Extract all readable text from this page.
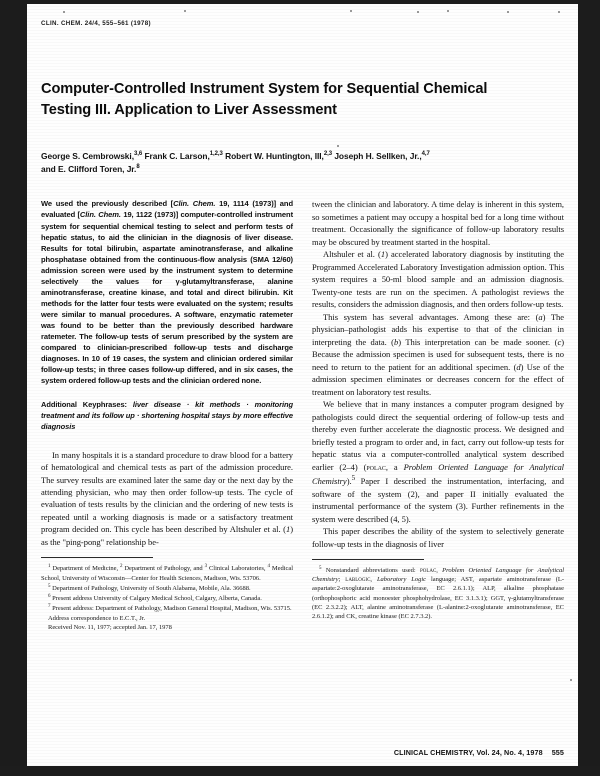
CLIN. CHEM. 24/4, 555–561 (1978)
Computer-Controlled Instrument System for Sequential Chemical Testing III. Application to Liver Assessment
George S. Cembrowski,$^{3,6}$ Frank C. Larson,$^{1,2,3}$ Robert W. Huntington, III,$^{2,3}$ Joseph H. Sellken, Jr.,$^{4,7}$
and E. Clifford Toren, Jr.$^8$
We used the previously described [Clin. Chem. 19, 1114 (1973)] and evaluated [Clin. Chem. 19, 1122 (1973)] computer-controlled instrument system for sequential chemical testing to select and perform tests of hepatic status, to aid the clinician in the diagnosis of liver disease. Results for total bilirubin, aspartate aminotransferase, and alkaline phosphatase obtained from the continuous-flow analysis (SMA 12/60) admission screen were used by the instrument system to determine selectively the values for γ-glutamyltransferase, alanine aminotransferase, creatine kinase, and total and direct bilirubin. Kit methods for the latter four tests were evaluated on the system; results were similar to manual procedures. A software, enzymatic ratemeter was found to be better than the previously described hardware ratemeter. The follow-up tests of serum prescribed by the system are compared to clinician-prescribed follow-up tests and discharge diagnoses. In 10 of 19 cases, the system and clinician ordered similar follow-up tests; in three cases follow-up differed, and in six cases, the system ordered follow-up tests and the clinician ordered none.
Additional Keyphrases: liver disease · kit methods · monitoring treatment and its follow up · shortening hospital stays by more effective diagnosis

In many hospitals it is a standard procedure to draw blood for a battery of hematological and chemical tests as part of the admission procedure. The survey results are examined later the same day or the next day by the attending physician, who may then order follow-up tests. The cycle of evaluation of tests results by the clinician and the ordering of new tests is repeated until a working diagnosis is made or a satisfactory treatment program decided on. This cycle has been described by Altshuler et al. (1) as the "ping-pong" relationship be-

$^1$ Department of Medicine, $^2$ Department of Pathology, and $^3$ Clinical Laboratories, $^4$ Medical School, University of Wisconsin—Center for Health Sciences, Madison, Wis. 53706.

$^5$ Department of Pathology, University of South Alabama, Mobile, Ala. 36688.

$^6$ Present address University of Calgary Medical School, Calgary, Alberta, Canada.

$^7$ Present address: Department of Pathology, Madison General Hospital, Madison, Wis. 53715.

Address correspondence to E.C.T., Jr.

Received Nov. 11, 1977; accepted Jan. 17, 1978

tween the clinician and laboratory. A time delay is inherent in this system, so sometimes a patient may occupy a hospital bed for a long time without treatment. Occasionally the significance of follow-up laboratory results may be obscured by treatment started in the hospital.

Altshuler et al. (1) accelerated laboratory diagnosis by instituting the Programmed Accelerated Laboratory Investigation admission option. This system requires a 50-ml blood sample and an admission diagnosis. Twenty-one tests are run on the specimen. A pathologist reviews the results, considers the admission diagnosis, and then orders follow-up tests.

This system has several advantages. Among these are: (a) The physician–pathologist adds his expertise to that of the clinician in interpreting the data. (b) This interpretation can be made sooner. (c) Because the admission specimen is used for subsequent tests, there is no need to return to the patient for an additional specimen. (d) Use of the admission specimen eliminates or decreases concern for the effect of treatment on laboratory test results.

We believe that in many instances a computer program designed by pathologists could direct the sequential ordering of follow-up tests and thereby even further accelerate the diagnostic process. We designed and briefly tested a program to order and, in fact, carry out follow-up tests for hepatic status via a computer-controlled analytical system described earlier (2–4) (polac, a Problem Oriented Language for Analytical Chemistry).$^5$ Paper I described the instrumentation, interfacing, and software of the system (2), and paper II initially evaluated the instrumental performance of the system (3). Further refinements in the system were described (4, 5).

This paper describes the ability of the system to selectively generate follow-up tests in the diagnosis of liver

$^5$ Nonstandard abbreviations used: polac, Problem Oriented Language for Analytical Chemistry; lablogic, Laboratory Logic language; AST, aspartate aminotransferase (L-aspartate:2-oxoglutarate aminotransferase, EC 2.6.1.1); ALP, alkaline phosphatase (orthophosphoric acid monoester phosphohydrolase, EC 3.1.3.1); GGT, γ-glutamyltransferase (EC 2.3.2.2); ALT, alanine aminotransferase (L-alanine:2-oxoglutarate aminotransferase, EC 2.6.1.2); and CK, creatine kinase (EC 2.7.3.2).

CLINICAL CHEMISTRY, Vol. 24, No. 4, 1978 555
